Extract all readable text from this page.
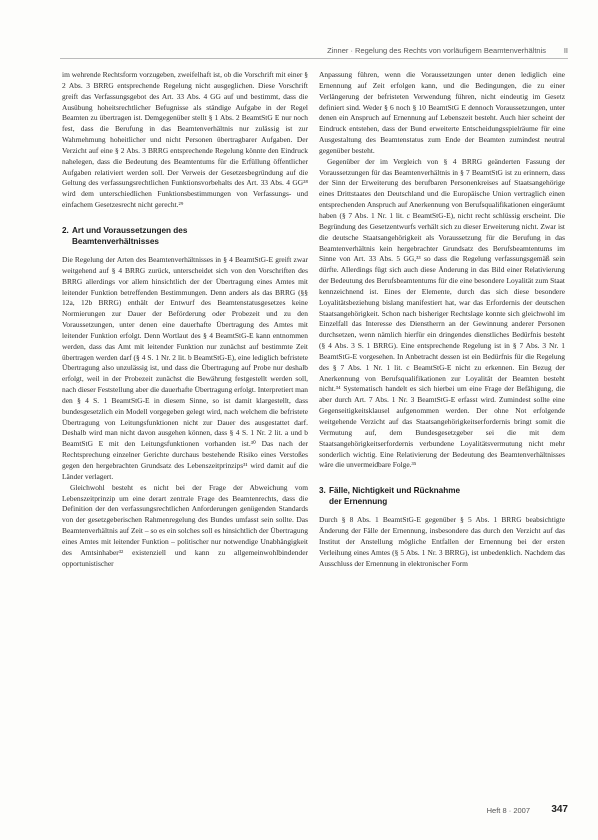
Zinner · Regelung des Rechts von vorläufigem Beamtenverhältnis II

im wehrende Rechtsform vorzugeben, zweifelhaft ist, ob die Vorschrift mit einer § 2 Abs. 3 BRRG entsprechende Regelung nicht ausgeglichen. Diese Vorschrift greift das Verfassungsgebot des Art. 33 Abs. 4 GG auf und bestimmt, dass die Ausübung hoheitsrechtlicher Befugnisse als ständige Aufgabe in der Regel Beamten zu übertragen ist. Demgegenüber stellt § 1 Abs. 2 BeamtStG E nur noch fest, dass die Berufung in das Beamtenverhältnis nur zulässig ist zur Wahrnehmung hoheitlicher und nicht Personen übertragbarer Aufgaben. Der Verzicht auf eine § 2 Abs. 3 BRRG entsprechende Regelung könnte den Eindruck nahelegen, dass die Bedeutung des Beamtentums für die Erfüllung öffentlicher Aufgaben relativiert werden soll. Der Verweis der Gesetzesbegründung auf die Geltung des verfassungsrechtlichen Funktionsvorbehalts des Art. 33 Abs. 4 GG²⁸ wird dem unterschiedlichen Funktionsbestimmungen von Verfassungs- und einfachem Gesetzesrecht nicht gerecht.²⁹

2. Art und Voraussetzungen des
Beamtenverhältnisses

Die Regelung der Arten des Beamtenverhältnisses in § 4 BeamtStG-E greift zwar weitgehend auf § 4 BRRG zurück, unterscheidet sich von den Vorschriften des BRRG allerdings vor allem hinsichtlich der der Übertragung eines Amtes mit leitender Funktion betreffenden Bestimmungen. Denn anders als das BRRG (§§ 12a, 12b BRRG) enthält der Entwurf des Beamtenstatusgesetzes keine Normierungen zur Dauer der Beförderung oder Probezeit und zu den Voraussetzungen, unter denen eine dauerhafte Übertragung des Amtes mit leitender Funktion erfolgt. Denn Wortlaut des § 4 BeamtStG-E kann entnommen werden, dass das Amt mit leitender Funktion nur zunächst auf bestimmte Zeit übertragen werden darf (§ 4 S. 1 Nr. 2 lit. b BeamtStG-E), eine lediglich befristete Übertragung also unzulässig ist, und dass die Übertragung auf Probe nur deshalb erfolgt, weil in der Probezeit zunächst die Bewährung festgestellt werden soll, nach dieser Feststellung aber die dauerhafte Übertragung erfolgt. Interpretiert man den § 4 S. 1 BeamtStG-E in diesem Sinne, so ist damit klargestellt, dass bundesgesetzlich ein Modell vorgegeben gelegt wird, nach welchem die befristete Übertragung von Leitungsfunktionen nicht zur Dauer des ausgestattet darf. Deshalb wird man nicht davon ausgehen können, dass § 4 S. 1 Nr. 2 lit. a und b BeamtStG E mit den Leitungsfunktionen vorhanden ist.³⁰ Das nach der Rechtsprechung einzelner Gerichte durchaus bestehende Risiko eines Verstoßes gegen den hergebrachten Grundsatz des Lebenszeitprinzips³¹ wird damit auf die Länder verlagert.

Gleichwohl besteht es nicht bei der Frage der Abweichung vom Lebenszeitprinzip um eine derart zentrale Frage des Beamtenrechts, dass die Definition der den verfassungsrechtlichen Anforderungen genügenden Standards von der gesetzgeberischen Rahmenregelung des Bundes umfasst sein sollte. Das Beamtenverhältnis auf Zeit – so es ein solches soll es hinsichtlich der Übertragung eines Amtes mit leitender Funktion – politischer nur notwendige Unabhängigkeit des Amtsinhaber³² existenziell und kann zu allgemeinwohlbindender opportunistischer

Anpassung führen, wenn die Voraussetzungen unter denen lediglich eine Ernennung auf Zeit erfolgen kann, und die Bedingungen, die zu einer Verlängerung der befristeten Verwendung führen, nicht eindeutig im Gesetz definiert sind. Weder § 6 noch § 10 BeamtStG E dennoch Voraussetzungen, unter denen ein Anspruch auf Ernennung auf Lebenszeit besteht. Auch hier scheint der Eindruck entstehen, dass der Bund erweiterte Entscheidungsspielräume für eine Ausgestaltung des Beamtenstatus zum Ende der Beamten zumindest neutral gegenüber besteht.

Gegenüber der im Vergleich von § 4 BRRG geänderten Fassung der Voraussetzungen für das Beamtenverhältnis in § 7 BeamtStG ist zu erinnern, dass der Sinn der Erweiterung des berufbaren Personenkreises auf Staatsangehörige eines Drittstaates den Deutschland und die Europäische Union vertraglich einen entsprechenden Anspruch auf Anerkennung von Berufsqualifikationen eingeräumt haben (§ 7 Abs. 1 Nr. 1 lit. c BeamtStG-E), nicht recht schlüssig erscheint. Die Begründung des Gesetzentwurfs verhält sich zu dieser Erweiterung nicht. Zwar ist die deutsche Staatsangehörigkeit als Voraussetzung für die Berufung in das Beamtenverhältnis kein hergebrachter Grundsatz des Berufsbeamtentums im Sinne von Art. 33 Abs. 5 GG,³³ so dass die Regelung verfassungsgemäß sein dürfte. Allerdings fügt sich auch diese Änderung in das Bild einer Relativierung der Bedeutung des Berufsbeamtentums für die eine besondere Loyalität zum Staat kennzeichnend ist. Eines der Elemente, durch das sich diese besondere Loyalitätsbeziehung bislang manifestiert hat, war das Erfordernis der deutschen Staatsangehörigkeit. Schon nach bisheriger Rechtslage konnte sich gleichwohl im Einzelfall das Interesse des Dienstherrn an der Gewinnung anderer Personen durchsetzen, wenn nämlich hierfür ein dringendes dienstliches Bedürfnis besteht (§ 4 Abs. 3 S. 1 BRRG). Eine entsprechende Regelung ist in § 7 Abs. 3 Nr. 1 BeamtStG-E vorgesehen. In Anbetracht dessen ist ein Bedürfnis für die Regelung des § 7 Abs. 1 Nr. 1 lit. c BeamtStG-E nicht zu erkennen. Ein Bezug der Anerkennung von Berufsqualifikationen zur Loyalität der Beamten besteht nicht.³⁴ Systematisch handelt es sich hierbei um eine Frage der Befähigung, die aber durch Art. 7 Abs. 1 Nr. 3 BeamtStG-E erfasst wird. Zumindest sollte eine Gegenseitigkeitsklausel aufgenommen werden. Der ohne Not erfolgende weitgehende Verzicht auf das Staatsangehörigkeitserfordernis bringt somit die Vermutung auf, dem Bundesgesetzgeber sei die mit dem Staatsangehörigkeitserfordernis verbundene Loyalitätsvermutung nicht mehr sonderlich wichtig. Eine Relativierung der Bedeutung des Beamtenverhältnisses wäre die unvermeidbare Folge.³⁵

3. Fälle, Nichtigkeit und Rücknahme
der Ernennung

Durch § 8 Abs. 1 BeamtStG-E gegenüber § 5 Abs. 1 BRRG beabsichtigte Änderung der Fälle der Ernennung, insbesondere das durch den Verzicht auf das Institut der Anstellung mögliche Entfallen der Ernennung bei der ersten Verleihung eines Amtes (§ 5 Abs. 1 Nr. 3 BRRG), ist unbedenklich. Nachdem das Ausschluss der Ernennung in elektronischer Form

Heft 8 · 2007 347
